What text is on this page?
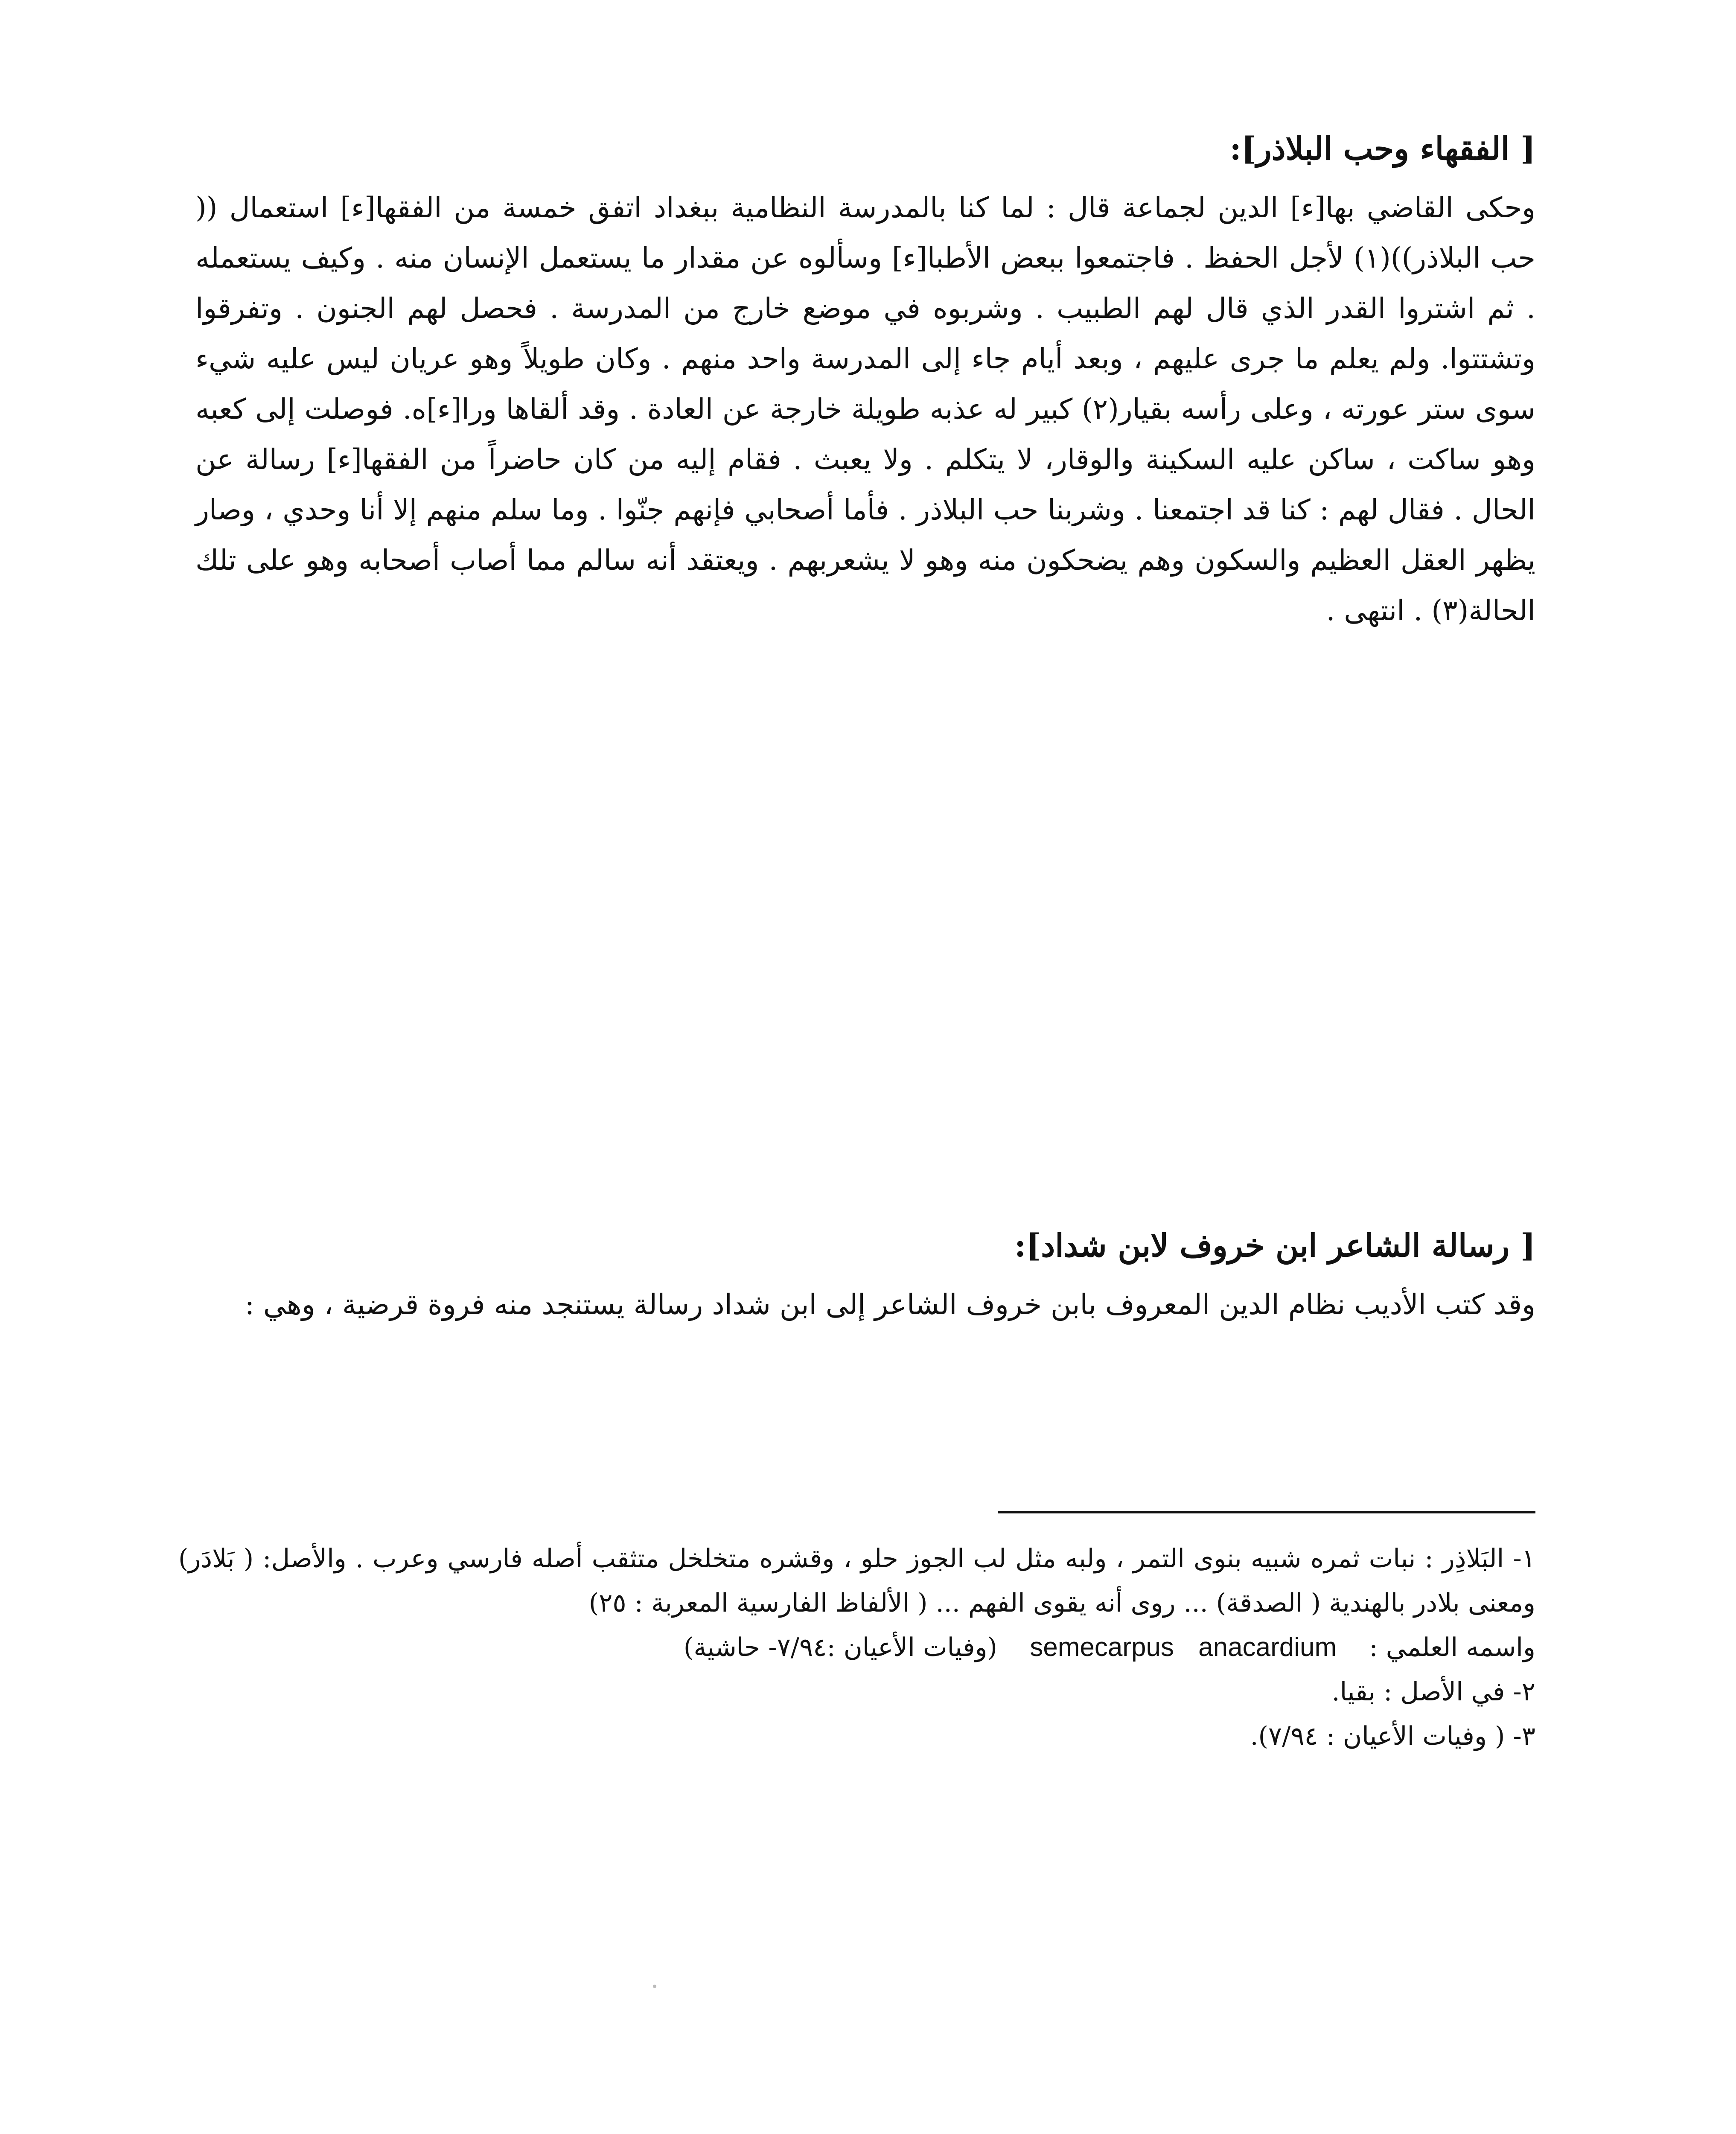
[ الفقهاء وحب البلاذر]:
وحكى القاضي بها[ء] الدين لجماعة قال : لما كنا بالمدرسة النظامية ببغداد اتفق خمسة من الفقها[ء] استعمال (( حب البلاذر))(١) لأجل الحفظ . فاجتمعوا ببعض الأطبا[ء] وسألوه عن مقدار ما يستعمل الإنسان منه . وكيف يستعمله . ثم اشتروا القدر الذي قال لهم الطبيب . وشربوه في موضع خارج من المدرسة . فحصل لهم الجنون . وتفرقوا وتشتتوا. ولم يعلم ما جرى عليهم ، وبعد أيام جاء إلى المدرسة واحد منهم . وكان طويلاً وهو عريان ليس عليه شيء سوى ستر عورته ، وعلى رأسه بقيار(٢) كبير له عذبه طويلة خارجة عن العادة . وقد ألقاها ورا[ء]ه. فوصلت إلى كعبه وهو ساكت ، ساكن عليه السكينة والوقار، لا يتكلم . ولا يعبث . فقام إليه من كان حاضراً من الفقها[ء] رسالة عن الحال . فقال لهم : كنا قد اجتمعنا . وشربنا حب البلاذر . فأما أصحابي فإنهم جنّوا . وما سلم منهم إلا أنا وحدي ، وصار يظهر العقل العظيم والسكون وهم يضحكون منه وهو لا يشعربهم . ويعتقد أنه سالم مما أصاب أصحابه وهو على تلك الحالة(٣) . انتهى .
[ رسالة الشاعر ابن خروف لابن شداد]:
وقد كتب الأديب نظام الدين المعروف بابن خروف الشاعر إلى ابن شداد رسالة يستنجد منه فروة قرضية ، وهي :
١- البَلاذِر : نبات ثمره شبيه بنوى التمر ، ولبه مثل لب الجوز حلو ، وقشره متخلخل متثقب أصله فارسي وعرب . والأصل: ( بَلادَر) ومعنى بلادر بالهندية ( الصدقة) ... روى أنه يقوى الفهم ... ( الألفاظ الفارسية المعربة : ٢٥)
واسمه العلمي :    semecarpus anacardium    (وفيات الأعيان :٧/٩٤- حاشية)
٢- في الأصل : بقيا.
٣- ( وفيات الأعيان : ٧/٩٤).
